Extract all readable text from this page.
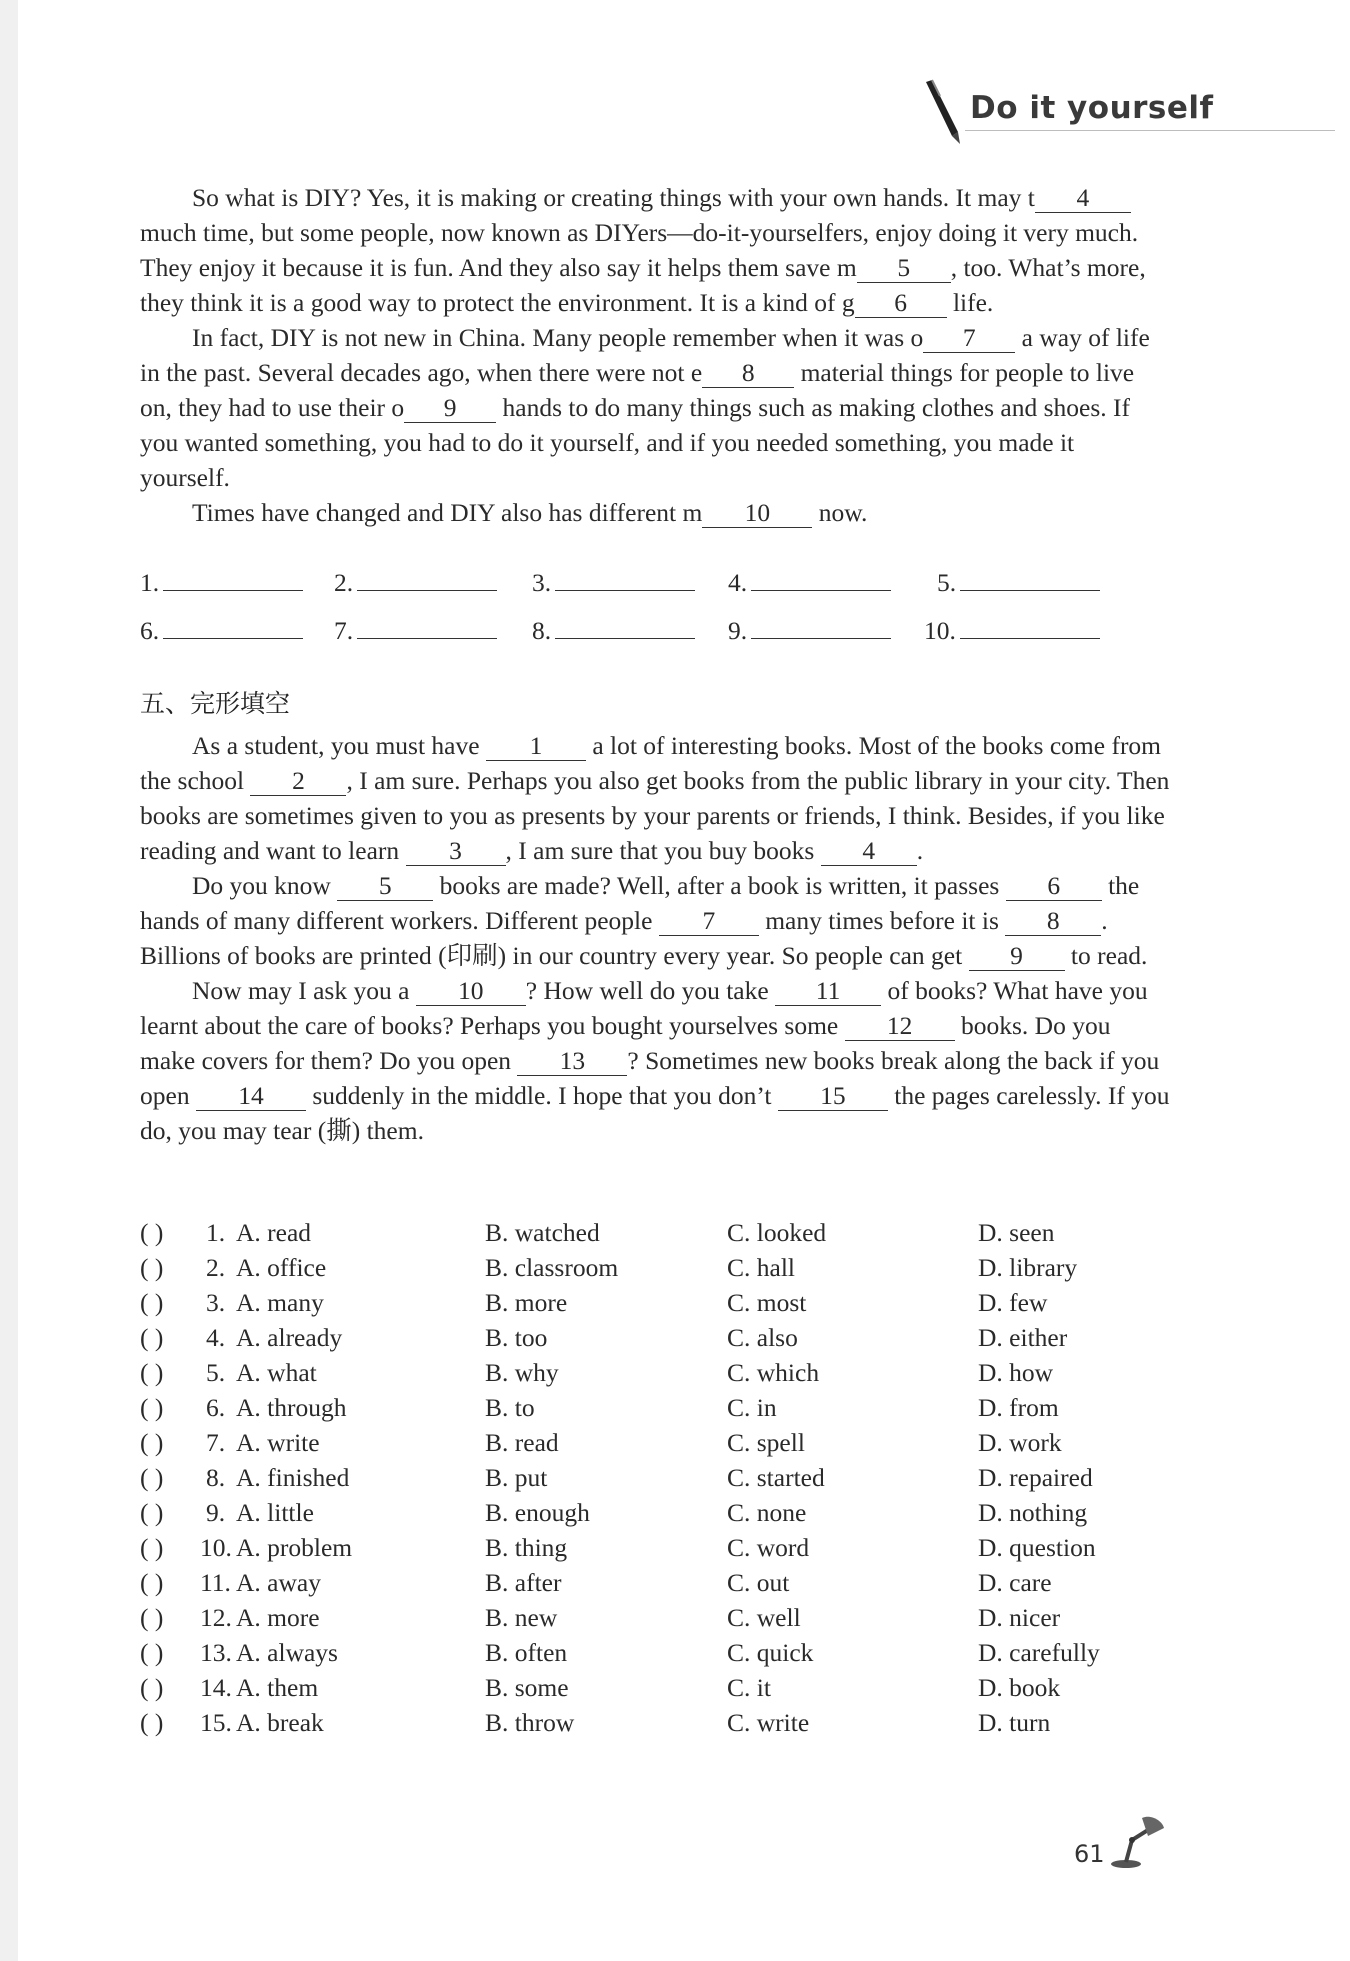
Do it yourself

So what is DIY? Yes, it is making or creating things with your own hands. It may t 4 much time, but some people, now known as DIYers—do-it-yourselfers, enjoy doing it very much. They enjoy it because it is fun. And they also say it helps them save m 5 , too. What’s more, they think it is a good way to protect the environment. It is a kind of g 6 life.

In fact, DIY is not new in China. Many people remember when it was o 7 a way of life in the past. Several decades ago, when there were not e 8 material things for people to live on, they had to use their o 9 hands to do many things such as making clothes and shoes. If you wanted something, you had to do it yourself, and if you needed something, you made it yourself.

Times have changed and DIY also has different m 10 now.

1.	2.	3.	4.	5.
6.	7.	8.	9.	10.
五、完形填空

As a student, you must have 1 a lot of interesting books. Most of the books come from the school 2 , I am sure. Perhaps you also get books from the public library in your city. Then books are sometimes given to you as presents by your parents or friends, I think. Besides, if you like reading and want to learn 3 , I am sure that you buy books 4 .

Do you know 5 books are made? Well, after a book is written, it passes 6 the hands of many different workers. Different people 7 many times before it is 8 . Billions of books are printed (印刷) in our country every year. So people can get 9 to read.

Now may I ask you a 10 ? How well do you take 11 of books? What have you learnt about the care of books? Perhaps you bought yourselves some 12 books. Do you make covers for them? Do you open 13 ? Sometimes new books break along the back if you open 14 suddenly in the middle. I hope that you don’t 15 the pages carelessly. If you do, you may tear (撕) them.

( ) 1. A. read	B. watched	C. looked	D. seen
( ) 2. A. office	B. classroom	C. hall	D. library
( ) 3. A. many	B. more	C. most	D. few
( ) 4. A. already	B. too	C. also	D. either
( ) 5. A. what	B. why	C. which	D. how
( ) 6. A. through	B. to	C. in	D. from
( ) 7. A. write	B. read	C. spell	D. work
( ) 8. A. finished	B. put	C. started	D. repaired
( ) 9. A. little	B. enough	C. none	D. nothing
( ) 10. A. problem	B. thing	C. word	D. question
( ) 11. A. away	B. after	C. out	D. care
( ) 12. A. more	B. new	C. well	D. nicer
( ) 13. A. always	B. often	C. quick	D. carefully
( ) 14. A. them	B. some	C. it	D. book
( ) 15. A. break	B. throw	C. write	D. turn
61
